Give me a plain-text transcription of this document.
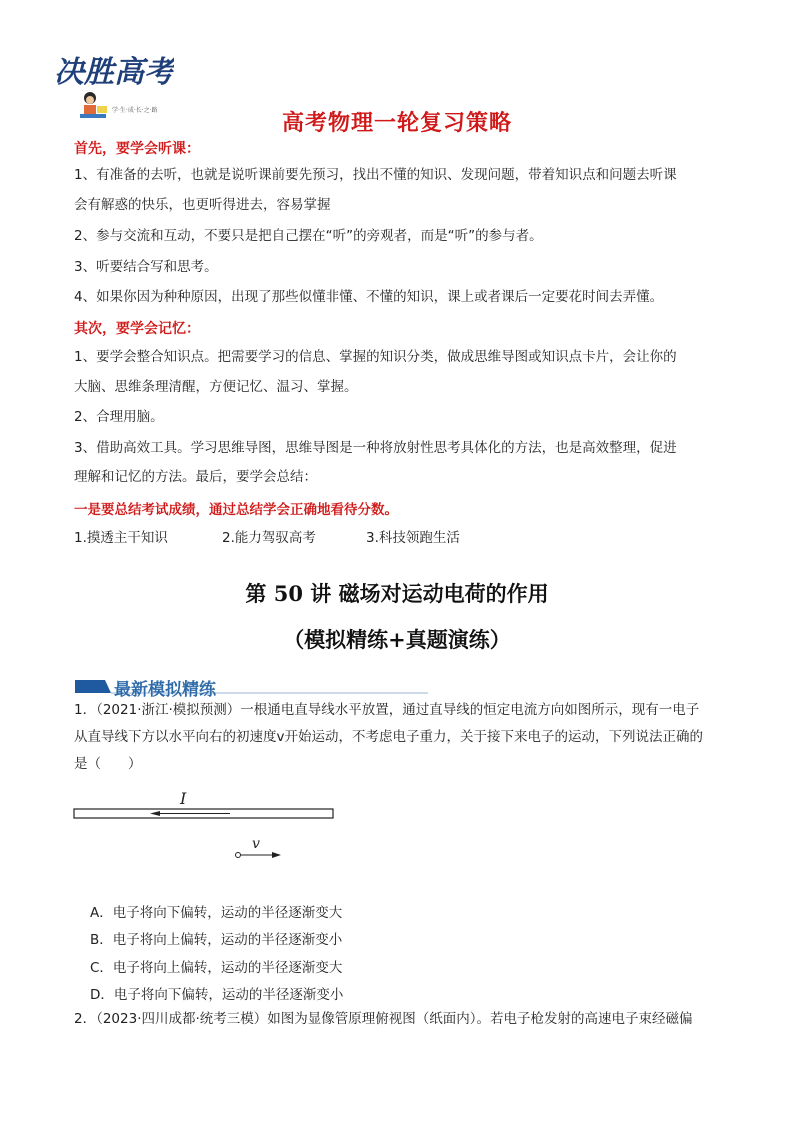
决胜高考
学·生·成·长·之·路
高考物理一轮复习策略
首先，要学会听课：
1、有准备的去听，也就是说听课前要先预习，找出不懂的知识、发现问题，带着知识点和问题去听课
会有解惑的快乐，也更听得进去，容易掌握
2、参与交流和互动，不要只是把自己摆在“听”的旁观者，而是“听”的参与者。
3、听要结合写和思考。
4、如果你因为种种原因，出现了那些似懂非懂、不懂的知识，课上或者课后一定要花时间去弄懂。
其次，要学会记忆：
1、要学会整合知识点。把需要学习的信息、掌握的知识分类，做成思维导图或知识点卡片，会让你的
大脑、思维条理清醒，方便记忆、温习、掌握。
2、合理用脑。
3、借助高效工具。学习思维导图，思维导图是一种将放射性思考具体化的方法，也是高效整理，促进
理解和记忆的方法。最后，要学会总结：
一是要总结考试成绩，通过总结学会正确地看待分数。
1.摸透主干知识	2.能力驾驭高考	3.科技领跑生活
第 50 讲 磁场对运动电荷的作用
（模拟精练+真题演练）
最新模拟精练
1．（2021·浙江·模拟预测）一根通电直导线水平放置，通过直导线的恒定电流方向如图所示，现有一电子
从直导线下方以水平向右的初速度v开始运动，不考虑电子重力，关于接下来电子的运动，下列说法正确的
是（　　）
I
v
A．电子将向下偏转，运动的半径逐渐变大
B．电子将向上偏转，运动的半径逐渐变小
C．电子将向上偏转，运动的半径逐渐变大
D．电子将向下偏转，运动的半径逐渐变小
2．（2023·四川成都·统考三模）如图为显像管原理俯视图（纸面内）。若电子枪发射的高速电子束经磁偏
